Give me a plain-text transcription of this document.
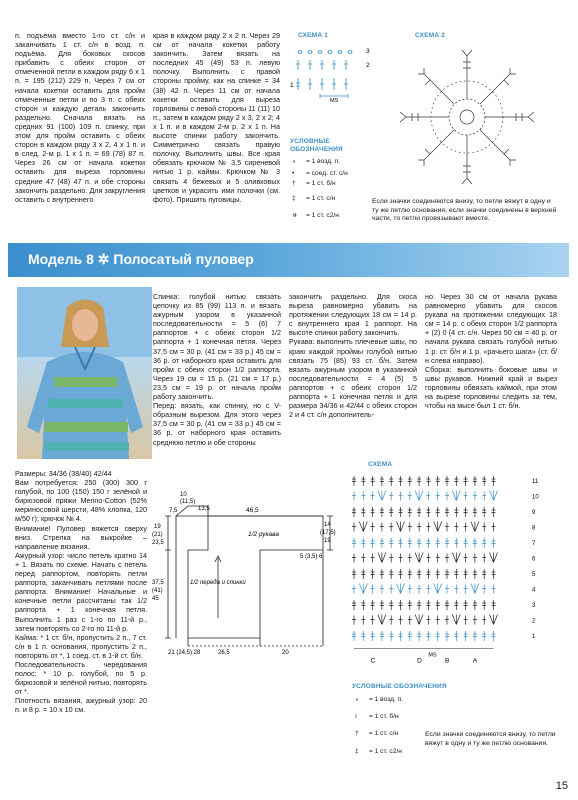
п. подъёма вместо 1-го ст. с/н и заканчивать 1 ст. с/н в возд. п. подъёма. Для боковых скосов прибавить с обеих сторон от отмеченной петли в каждом ряду 6 х 1 п. = 195 (212) 229 п. Через 7 см от начала кокетки оставить для пройм отмеченные петли и по 3 п. с обеих сторон и каждую деталь закончить раздельно. Сначала вязать на средних 91 (100) 109 п. спинку, при этом для пройм оставить с обеих сторон в каждом ряду 3 х 2, 4 х 1 п. и в след. 2-м р. 1 х 1 п. = 69 (78) 87 п. Через 26 см от начала кокетки оставить для выреза горловины средние 47 (48) 47 п. и обе стороны закончить раздельно. Для закругления оставить с внутреннего
края в каждом ряду 2 х 2 п. Через 29 см от начала кокетки работу закончить. Затем вязать на последних 45 (49) 53 п. левую полочку. Выполнить с правой стороны пройму, как на спинке = 34 (38) 42 п. Через 11 см от начала кокетки оставить для выреза горловины с левой стороны 11 (11) 10 п., затем в каждом ряду 2 х 3, 2 х 2; 4 х 1 п. и в каждом 2-м р. 2 х 1 п. На высоте спинки работу закончить. Симметрично связать правую полочку. Выполнить швы. Все края обвязать крючком № 3,5 сиреневой нитью 1 р. каймы. Крючком № 3 связать 4 бежевых и 5 оливковых цветков и украсить ими полочки (см. фото). Пришить пуговицы.
СХЕМА 1
3
2
1
MS
СХЕМА 2
УСЛОВНЫЕ ОБОЗНАЧЕНИЯ
∘ = 1 возд. п.
• = соед. ст. с/н
† = 1 ст. б/н
‡ = 1 ст. с/н
⧺ = 1 ст. с2/н
Если значки соединяются внизу, то петли вяжут в одну и ту же петлю основания, если значки соединены в верхней части, то петли провязывают вместе.
Модель 8 ✲ Полосатый пуловер
Размеры: 34/36 (38/40) 42/44
Вам потребуется: 250 (300) 300 г голубой, по 100 (150) 150 г зелёной и бирюзовой пряжи Merino-Cotton (52% мериносовой шерсти, 48% хлопка, 120 м/50 г); крючок № 4.
Внимание! Пуловер вяжется сверху вниз. Стрелка на выкройке – направление вязания.
Ажурный узор: число петель кратно 14 + 1. Вязать по схеме. Начать с петель перед раппортом, повторять петли раппорта, заканчивать петлями после раппорта. Внимание! Начальные и конечные петли рассчитаны так 1/2 раппорта + 1 конечная петля. Выполнить 1 раз с 1-го по 11-й р., затем повторять со 2-го по 11-й р.
Кайма: * 1 ст. б/н, пропустить 2 п., 7 ст. с/н в 1 п. основания, пропустить 2 п., повторять от *, 1 соед. ст. в 1-й ст. б/н.
Последовательность чередования полос: * 10 р. голубой, по 5 р. бирюзовой и зелёной нитью, повторять от *.
Плотность вязания, ажурный узор: 20 п. и 8 р. = 10 х 10 см.
Спинка: голубой нитью связать цепочку из 85 (99) 113 п. и вязать ажурным узором в указанной последовательности = 5 (6) 7 раппортов + с обеих сторон 1/2 раппорта + 1 конечная петля. Через 37,5 см = 30 р. (41 см = 33 р.) 45 см = 36 р. от наборного края оставить для пройм с обеих сторон 1/2 раппорта. Через 19 см = 15 р. (21 см = 17 р.) 23,5 см = 19 р. от начала пройм работу закончить.
Перед: вязать, как спинку, но с V-образным вырезом. Для этого через 37,5 см = 30 р. (41 см = 33 р.) 45 см = 36 р. от наборного края оставить среднюю петлю и обе стороны
закончить раздельно. Для скоса выреза равномерно убавить на протяжении следующих 18 см = 14 р. с внутреннего края 1 раппорт. На высоте спинки работу закончить.
Рукава: выполнить плечевые швы, по краю каждой проймы голубой нитью связать 75 (85) 93 ст. б/н. Затем вязать ажурным узором в указанной последовательности = 4 (5) 5 раппортов + с обеих сторон 1/2 раппорта + 1 конечная петля и для размера 34/36 и 42/44 с обеих сторон 2 и 4 ст. с/н дополнитель-
но. Через 30 см от начала рукава равномерно убавить для скосов рукава на протяжении следующих 18 см = 14 р. с обеих сторон 1/2 раппорта + (2) 0 (4 ст. с/н. Через 50 см = 40 р. от начала рукава связать голубой нитью 1 р. ст. б/н и 1 р. «рачьего шага» (ст. б/н слева направо).
Сборка: выполнить боковые швы и швы рукавов. Нижний край и вырез горловины обвязать каймой, при этом на вырезе горловины следить за тем, чтобы на мысе был 1 ст. б/н.
10
(11,5)
13,5	46,5
7,5
19
(21)
23,5
1/2 рукава
14
(17,5)
19
5 (3,5) 6
37,5
(41)
45
1/2 переда и спинки
21 (24,5) 28	26,5	20
СХЕМА
11
10
9
8
7
6
5
4
3
2
1
C	D	B	A
MS
УСЛОВНЫЕ ОБОЗНАЧЕНИЯ
∘ = 1 возд. п.
ı = 1 ст. б/н
† = 1 ст. с/н
‡ = 1 ст. с2/н
Если значки соединяются внизу, то петли вяжут в одну и ту же петлю основания.
15
